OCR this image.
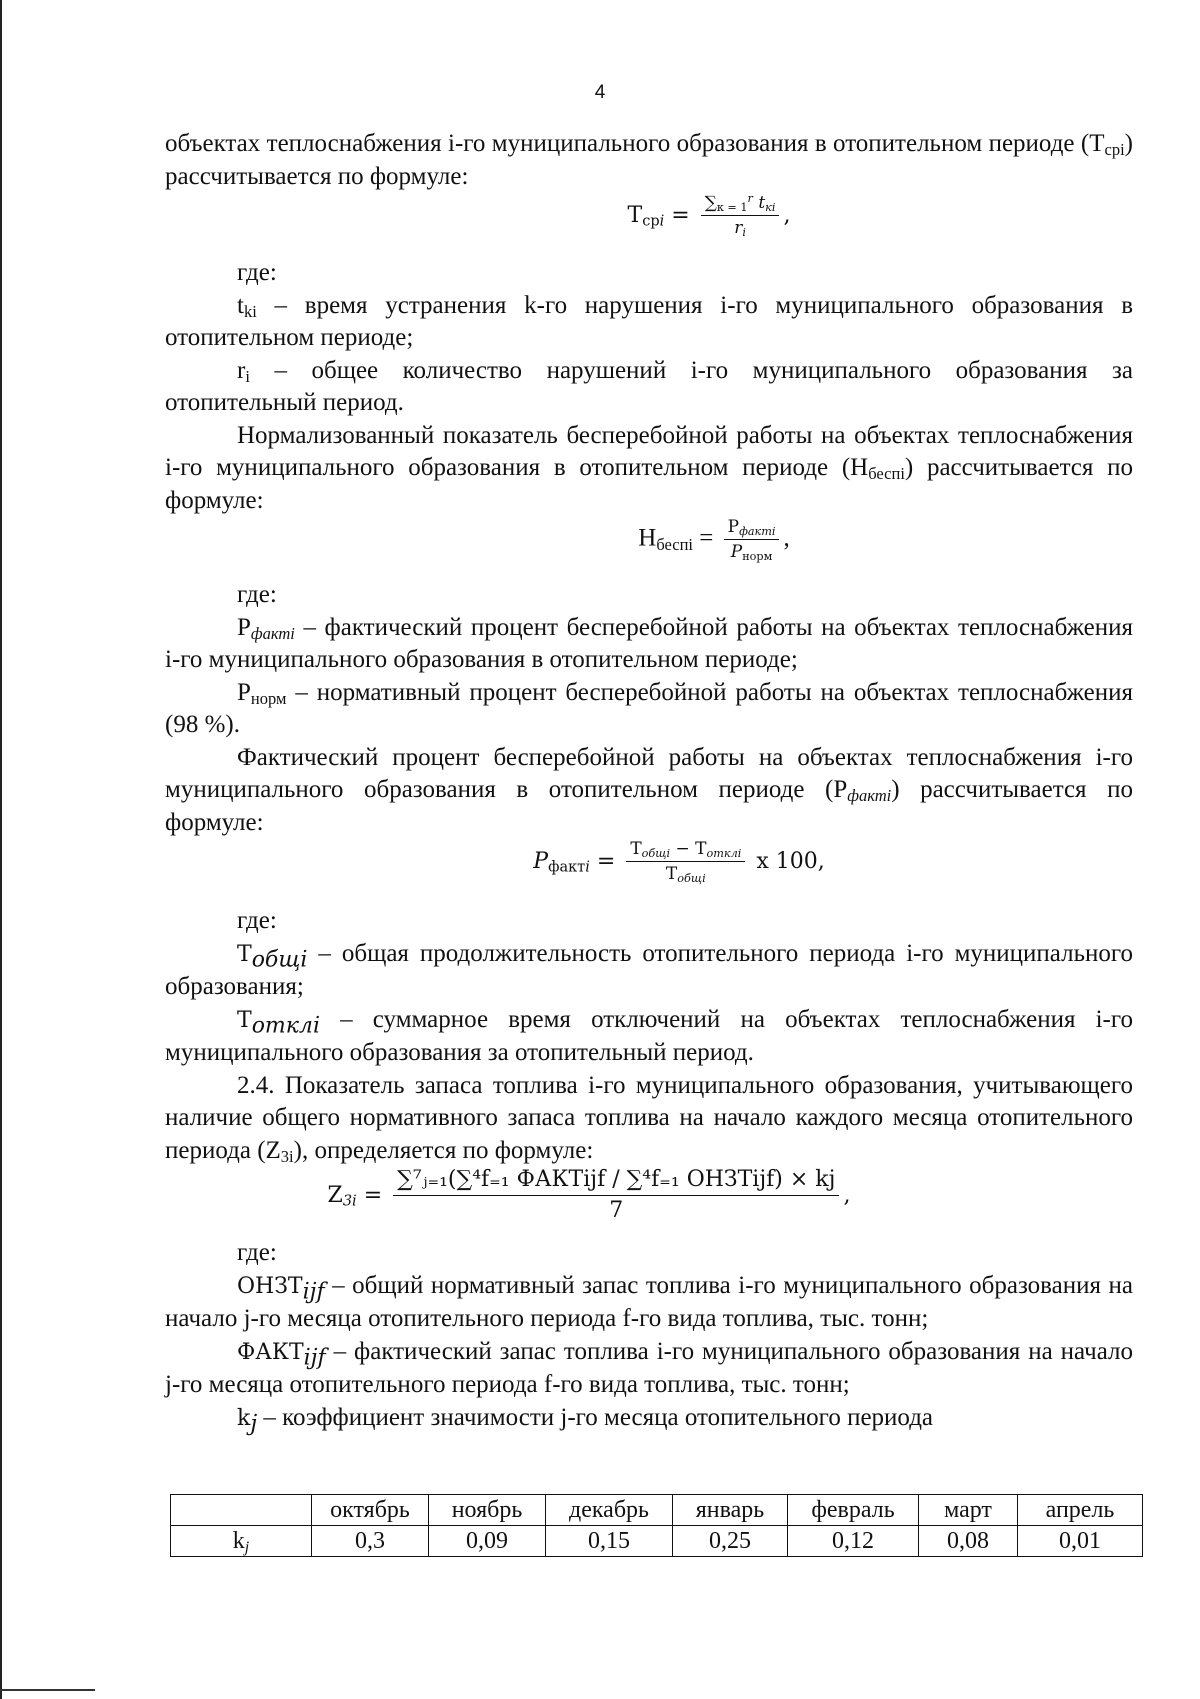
4

объектах теплоснабжения i-го муниципального образования в отопительном периоде $(T_{cpi})$ рассчитывается по формуле:

$T_{cpi} = \frac{\sum_{к = 1}^r t_{кi}}{r_i}$ ,

где:

$t_{ki}$ – время устранения k-го нарушения i-го муниципального образования в отопительном периоде;

$r_i$ – общее количество нарушений i-го муниципального образования за отопительный период.

Нормализованный показатель бесперебойной работы на объектах теплоснабжения i-го муниципального образования в отопительном периоде $(Н_{беспi})$ рассчитывается по формуле:

$Н_{беспi} = \frac{P_{фактi}}{P_{норм}}$ ,

где:

$P_{фактi}$ – фактический процент бесперебойной работы на объектах теплоснабжения i-го муниципального образования в отопительном периоде;

$P_{норм}$ – нормативный процент бесперебойной работы на объектах теплоснабжения (98 %).

Фактический процент бесперебойной работы на объектах теплоснабжения i-го муниципального образования в отопительном периоде $(P_{фактi})$ рассчитывается по формуле:

$P_{фактi} = \frac{T_{общi} - T_{отклi}}{T_{общi}}$ x 100,

где:

$T_{общi}$ – общая продолжительность отопительного периода i-го муниципального образования;

$T_{отклi}$ – суммарное время отключений на объектах теплоснабжения i-го муниципального образования за отопительный период.

2.4. Показатель запаса топлива i-го муниципального образования, учитывающего наличие общего нормативного запаса топлива на начало каждого месяца отопительного периода $(Z_{3i})$, определяется по формуле:

$Z_{3i} = \frac{\text{∑⁷ⱼ₌₁(∑⁴f₌₁ ФАКТijf / ∑⁴f₌₁ ОНЗТijf) × kj}}{7}$ ,

где:

$ОНЗТ_{ijf}$ – общий нормативный запас топлива i-го муниципального образования на начало j-го месяца отопительного периода f-го вида топлива, тыс. тонн;

$ФАКТ_{ijf}$ – фактический запас топлива i-го муниципального образования на начало j-го месяца отопительного периода f-го вида топлива, тыс. тонн;

$k_j$ – коэффициент значимости j-го месяца отопительного периода

	октябрь	ноябрь	декабрь	январь	февраль	март	апрель
$k_j$	0,3	0,09	0,15	0,25	0,12	0,08	0,01
